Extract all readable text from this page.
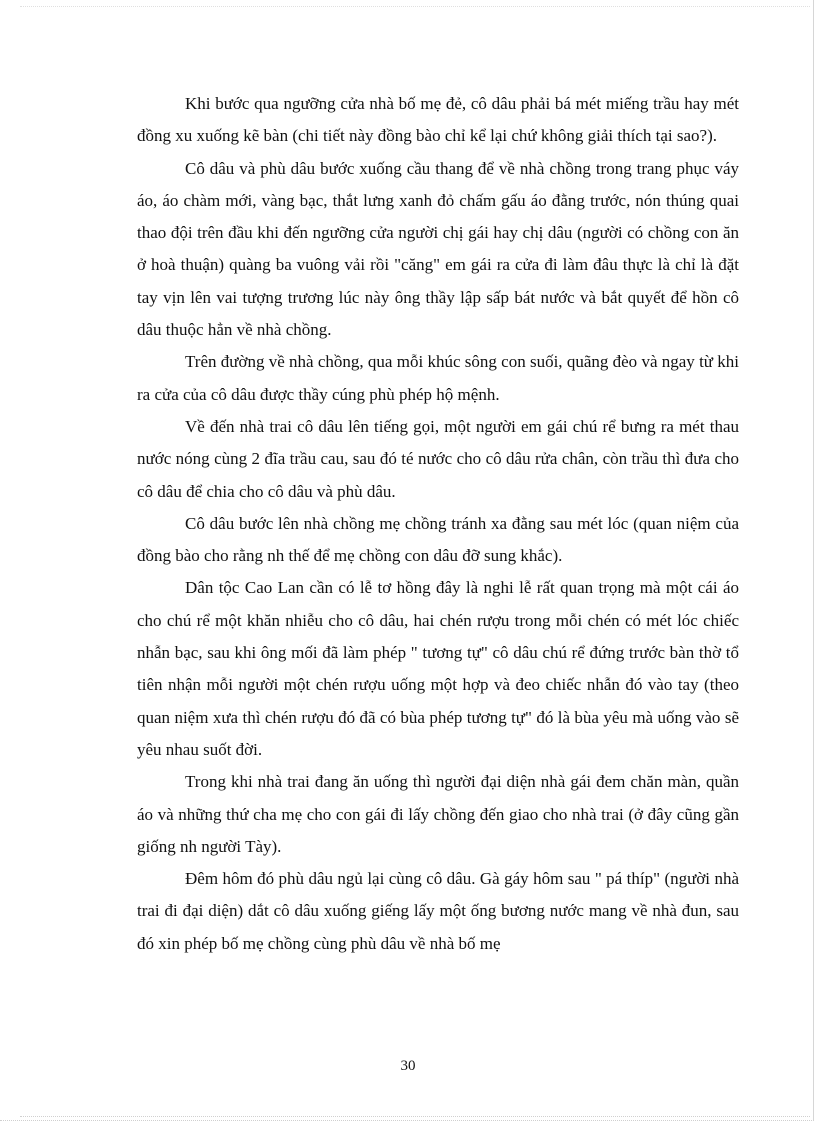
Khi bước qua ngưỡng cửa nhà bố mẹ đẻ, cô dâu phải bá mét miếng trầu hay mét đồng xu xuống kẽ bàn (chi tiết này đồng bào chỉ kể lại chứ không giải thích tại sao?).

Cô dâu và phù dâu bước xuống cầu thang để về nhà chồng trong trang phục váy áo, áo chàm mới, vàng bạc, thắt lưng xanh đỏ chấm gấu áo đằng trước, nón thúng quai thao đội trên đầu khi đến ngưỡng cửa người chị gái hay chị dâu (người có chồng con ăn ở hoà thuận) quàng ba vuông vải rồi "căng" em gái ra cửa đi làm đâu thực là chỉ là đặt tay vịn lên vai tượng trương lúc này ông thầy lập sấp bát nước và bắt quyết để hồn cô dâu thuộc hẳn về nhà chồng.

Trên đường về nhà chồng, qua mỗi khúc sông con suối, quãng đèo và ngay từ khi ra cửa của cô dâu được thầy cúng phù phép hộ mệnh.

Về đến nhà trai cô dâu lên tiếng gọi, một người em gái chú rể bưng ra mét thau nước nóng cùng 2 đĩa trầu cau, sau đó té nước cho cô dâu rửa chân, còn trầu thì đưa cho cô dâu để chia cho cô dâu và phù dâu.

Cô dâu bước lên nhà chồng mẹ chồng tránh xa đằng sau mét lóc (quan niệm của đồng bào cho rằng nh thế để mẹ chồng con dâu đỡ sung khắc).

Dân tộc Cao Lan cần có lễ tơ hồng đây là nghi lễ rất quan trọng mà một cái áo cho chú rể một khăn nhiễu cho cô dâu, hai chén rượu trong mỗi chén có mét lóc chiếc nhẫn bạc, sau khi ông mối đã làm phép " tương tự" cô dâu chú rể đứng trước bàn thờ tổ tiên nhận mỗi người một chén rượu uống một hợp và đeo chiếc nhẫn đó vào tay (theo quan niệm xưa thì chén rượu đó đã có bùa phép tương tự" đó là bùa yêu mà uống vào sẽ yêu nhau suốt đời.

Trong khi nhà trai đang ăn uống thì người đại diện nhà gái đem chăn màn, quần áo và những thứ cha mẹ cho con gái đi lấy chồng đến giao cho nhà trai (ở đây cũng gần giống nh người Tày).

Đêm hôm đó phù dâu ngủ lại cùng cô dâu. Gà gáy hôm sau " pá thíp" (người nhà trai đi đại diện) dắt cô dâu xuống giếng lấy một ống bương nước mang về nhà đun, sau đó xin phép bố mẹ chồng cùng phù dâu về nhà bố mẹ

30
